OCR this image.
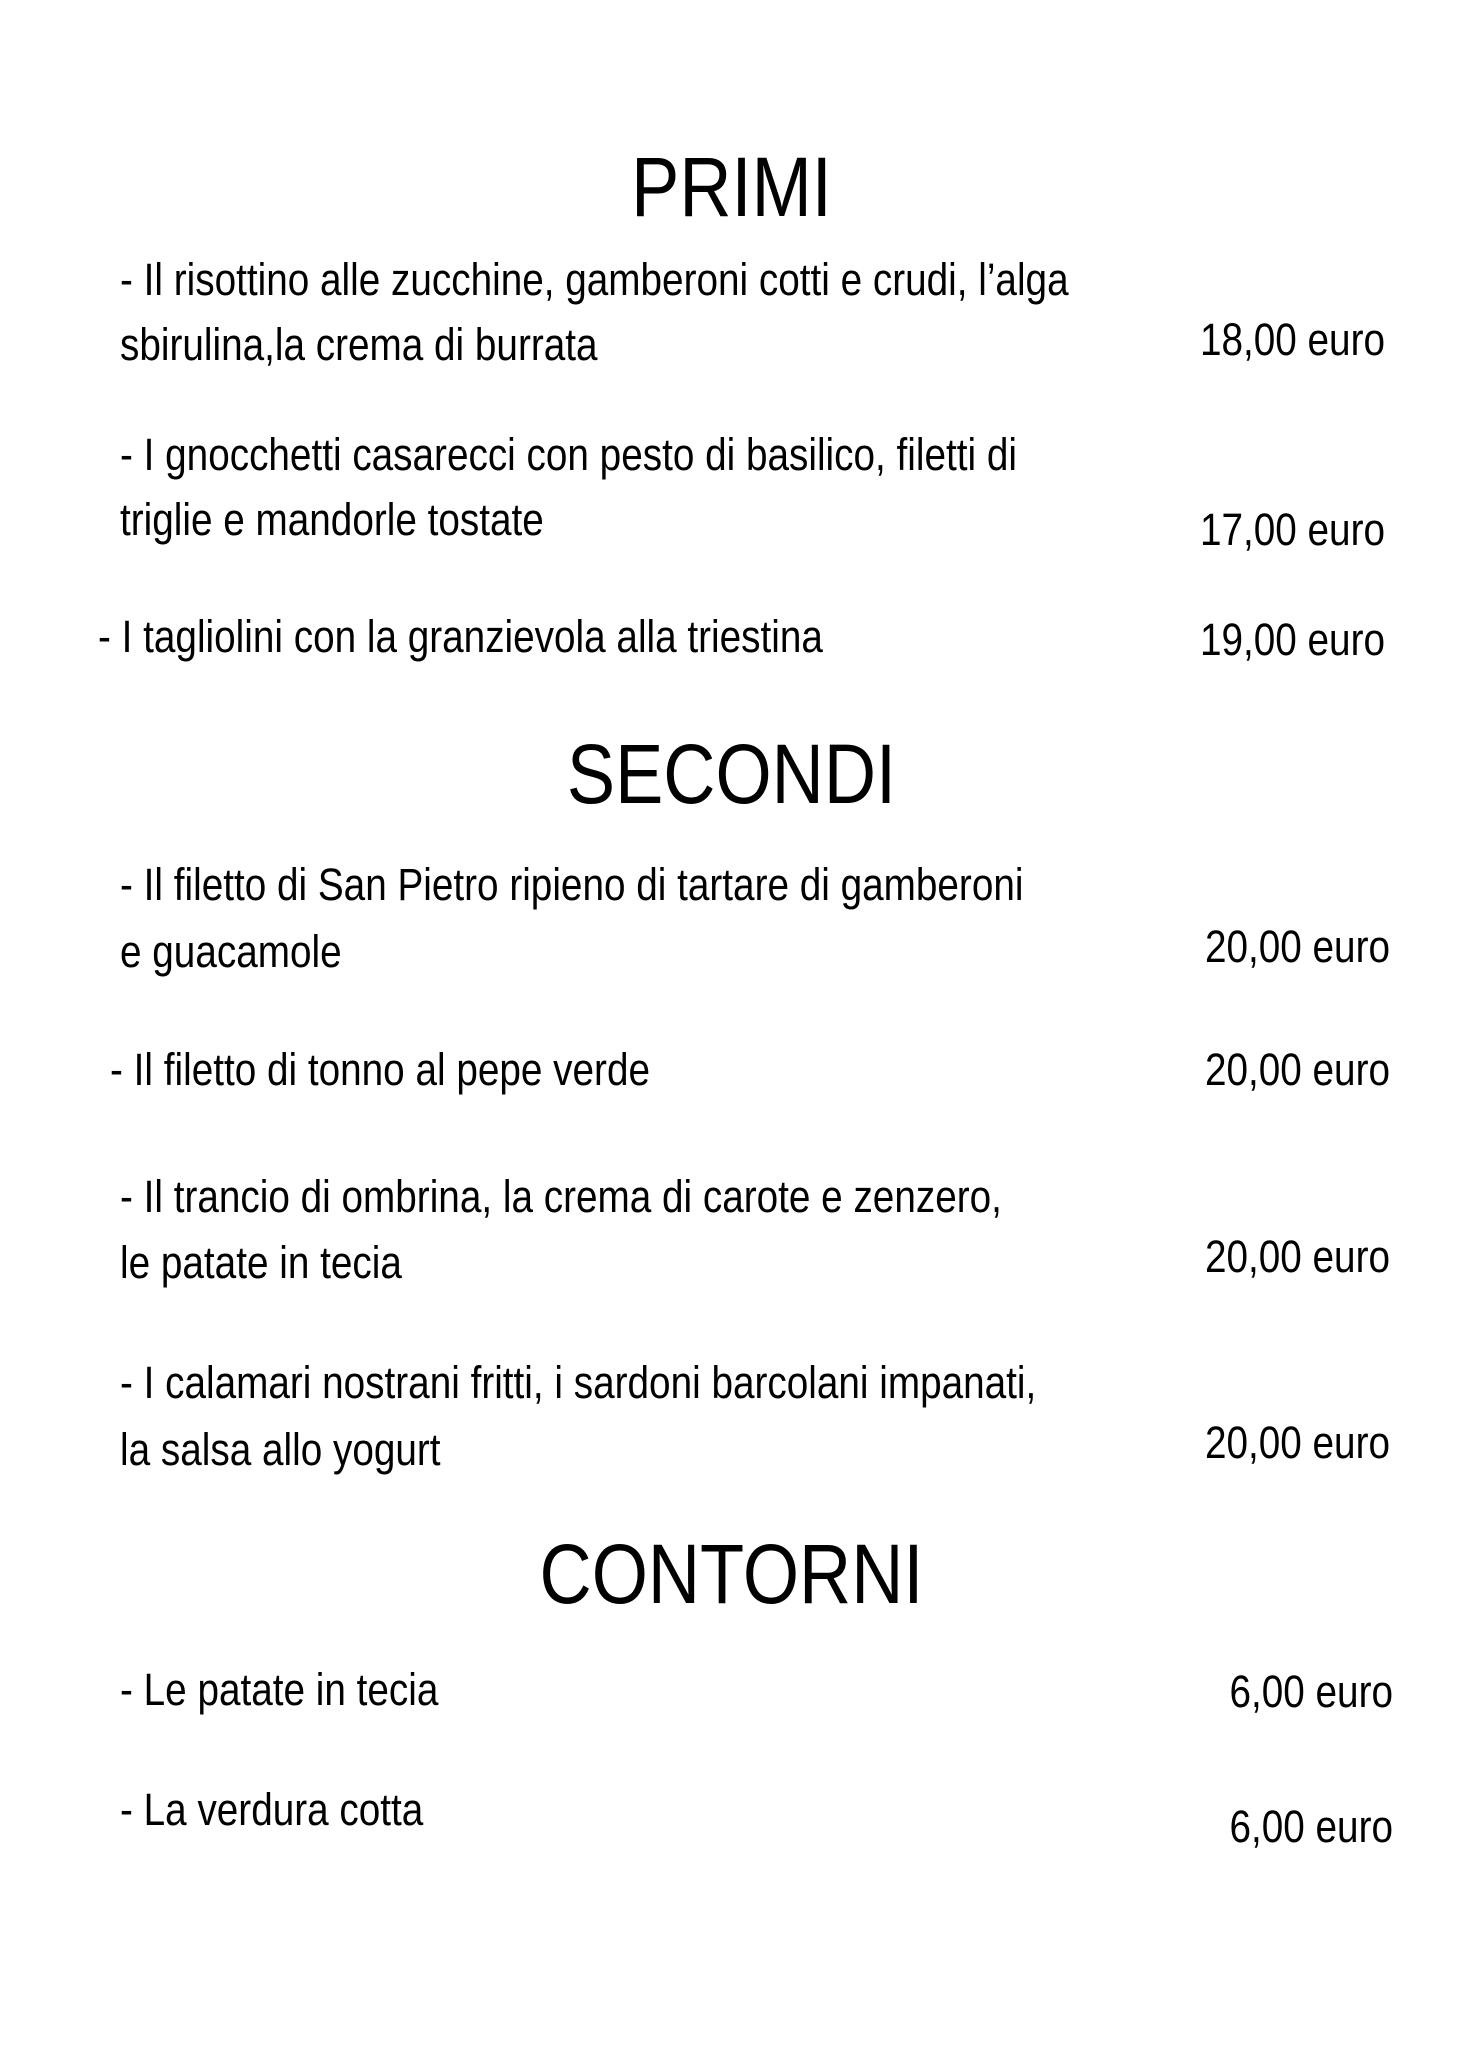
PRIMI
- Il risottino alle zucchine, gamberoni cotti e crudi, l’alga
sbirulina,la crema di burrata	18,00 euro
- I gnocchetti casarecci con pesto di basilico, filetti di
triglie e mandorle tostate	17,00 euro
- I tagliolini con la granzievola alla triestina	19,00 euro
SECONDI
- Il filetto di San Pietro ripieno di tartare di gamberoni
e guacamole	20,00 euro
- Il filetto di tonno al pepe verde	20,00 euro
- Il trancio di ombrina, la crema di carote e zenzero,
le patate in tecia	20,00 euro
- I calamari nostrani fritti, i sardoni barcolani impanati,
la salsa allo yogurt	20,00 euro
CONTORNI
- Le patate in tecia	6,00 euro
- La verdura cotta	6,00 euro
